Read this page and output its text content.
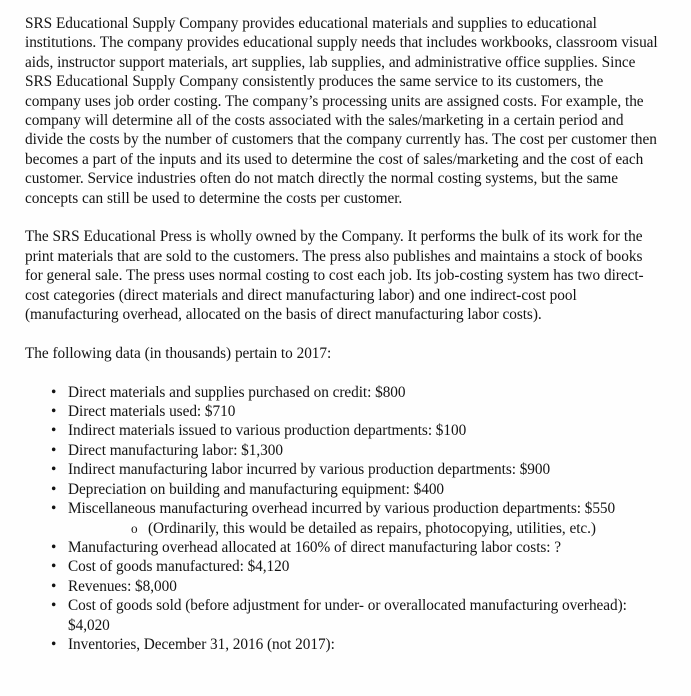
SRS Educational Supply Company provides educational materials and supplies to educational institutions. The company provides educational supply needs that includes workbooks, classroom visual aids, instructor support materials, art supplies, lab supplies, and administrative office supplies. Since SRS Educational Supply Company consistently produces the same service to its customers, the company uses job order costing. The company’s processing units are assigned costs. For example, the company will determine all of the costs associated with the sales/marketing in a certain period and divide the costs by the number of customers that the company currently has. The cost per customer then becomes a part of the inputs and its used to determine the cost of sales/marketing and the cost of each customer. Service industries often do not match directly the normal costing systems, but the same concepts can still be used to determine the costs per customer.

The SRS Educational Press is wholly owned by the Company. It performs the bulk of its work for the print materials that are sold to the customers. The press also publishes and maintains a stock of books for general sale. The press uses normal costing to cost each job. Its job-costing system has two direct-cost categories (direct materials and direct manufacturing labor) and one indirect-cost pool (manufacturing overhead, allocated on the basis of direct manufacturing labor costs).

The following data (in thousands) pertain to 2017:

• Direct materials and supplies purchased on credit: $800
• Direct materials used: $710
• Indirect materials issued to various production departments: $100
• Direct manufacturing labor: $1,300
• Indirect manufacturing labor incurred by various production departments: $900
• Depreciation on building and manufacturing equipment: $400
• Miscellaneous manufacturing overhead incurred by various production departments: $550
o (Ordinarily, this would be detailed as repairs, photocopying, utilities, etc.)
• Manufacturing overhead allocated at 160% of direct manufacturing labor costs: ?
• Cost of goods manufactured: $4,120
• Revenues: $8,000
• Cost of goods sold (before adjustment for under- or overallocated manufacturing overhead): $4,020
• Inventories, December 31, 2016 (not 2017):
